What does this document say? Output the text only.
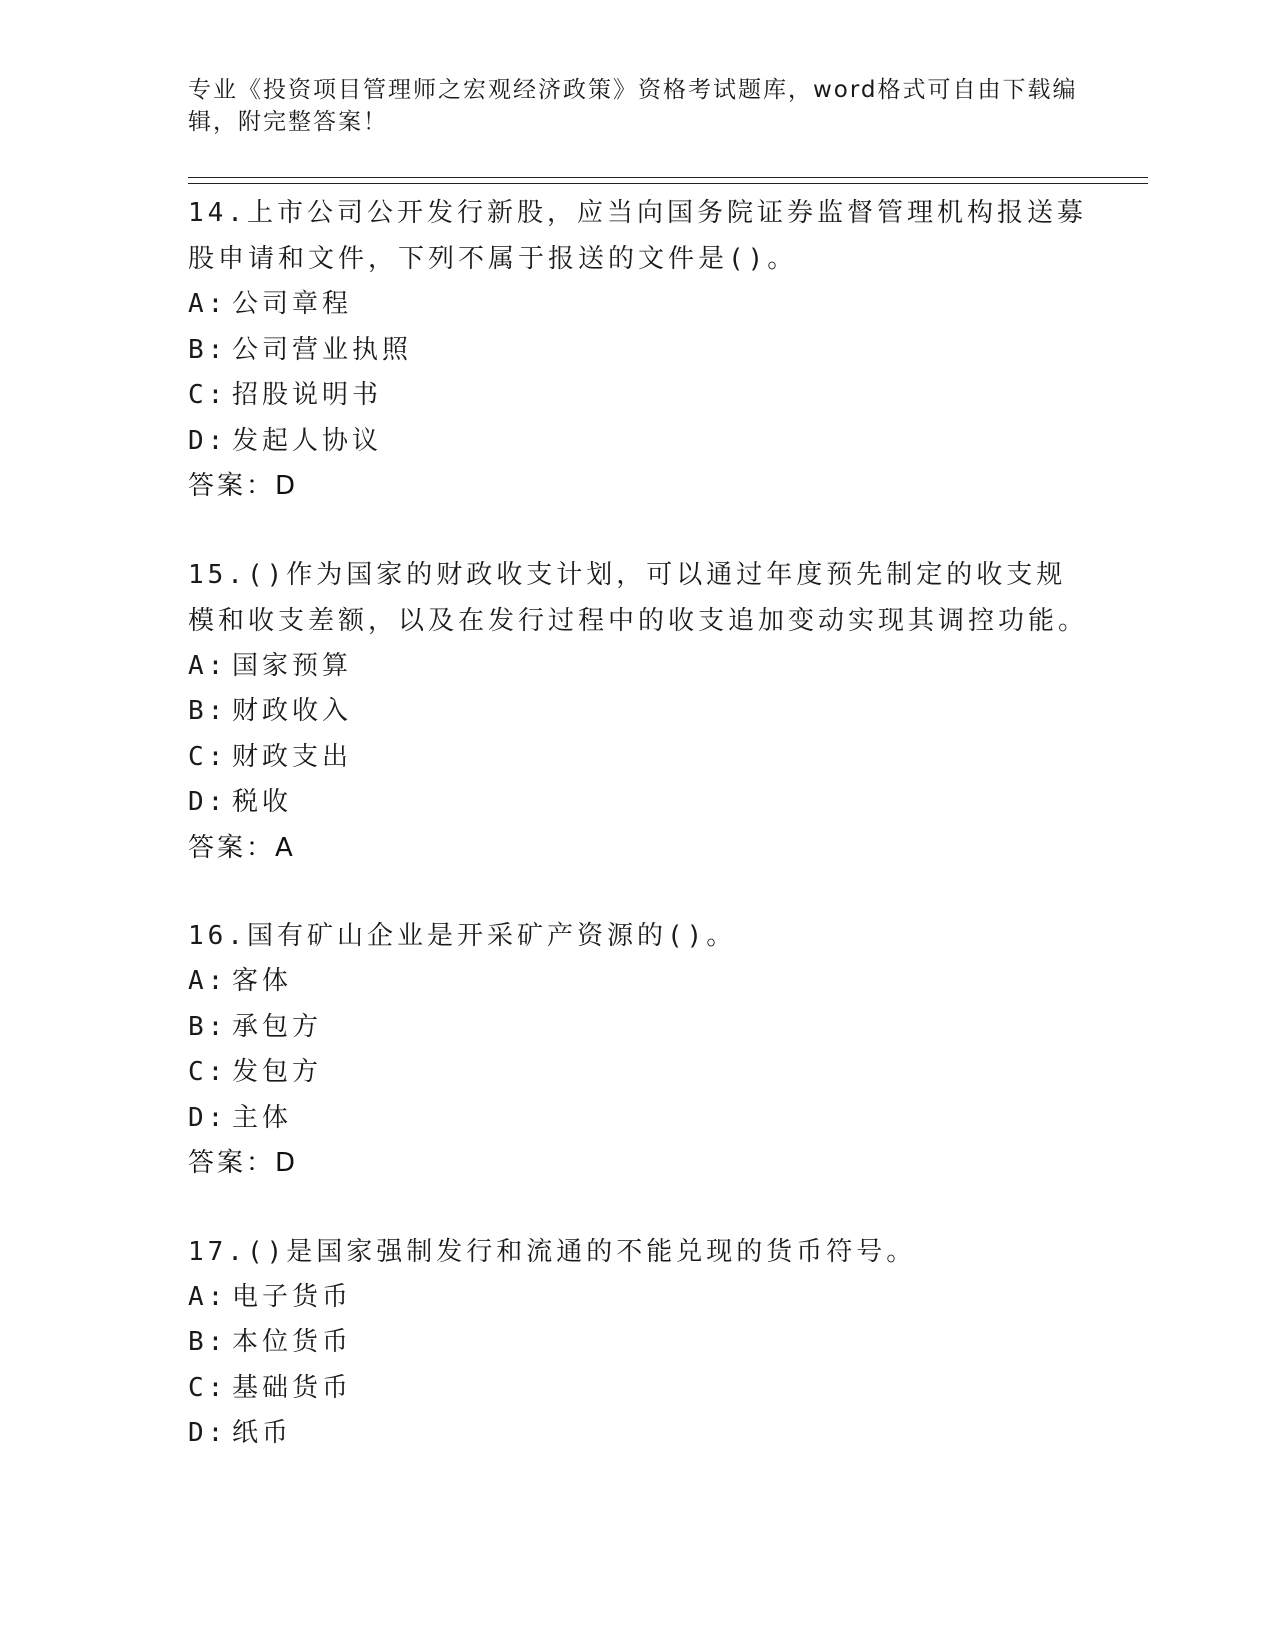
专业《投资项目管理师之宏观经济政策》资格考试题库，word格式可自由下载编辑，附完整答案！

14.上市公司公开发行新股，应当向国务院证券监督管理机构报送募股申请和文件，下列不属于报送的文件是()。

A: 公司章程
B: 公司营业执照
C: 招股说明书
D: 发起人协议
答案：D

15.()作为国家的财政收支计划，可以通过年度预先制定的收支规模和收支差额，以及在发行过程中的收支追加变动实现其调控功能。

A: 国家预算
B: 财政收入
C: 财政支出
D: 税收
答案：A

16.国有矿山企业是开采矿产资源的()。

A: 客体
B: 承包方
C: 发包方
D: 主体
答案：D

17.()是国家强制发行和流通的不能兑现的货币符号。

A: 电子货币
B: 本位货币
C: 基础货币
D: 纸币
